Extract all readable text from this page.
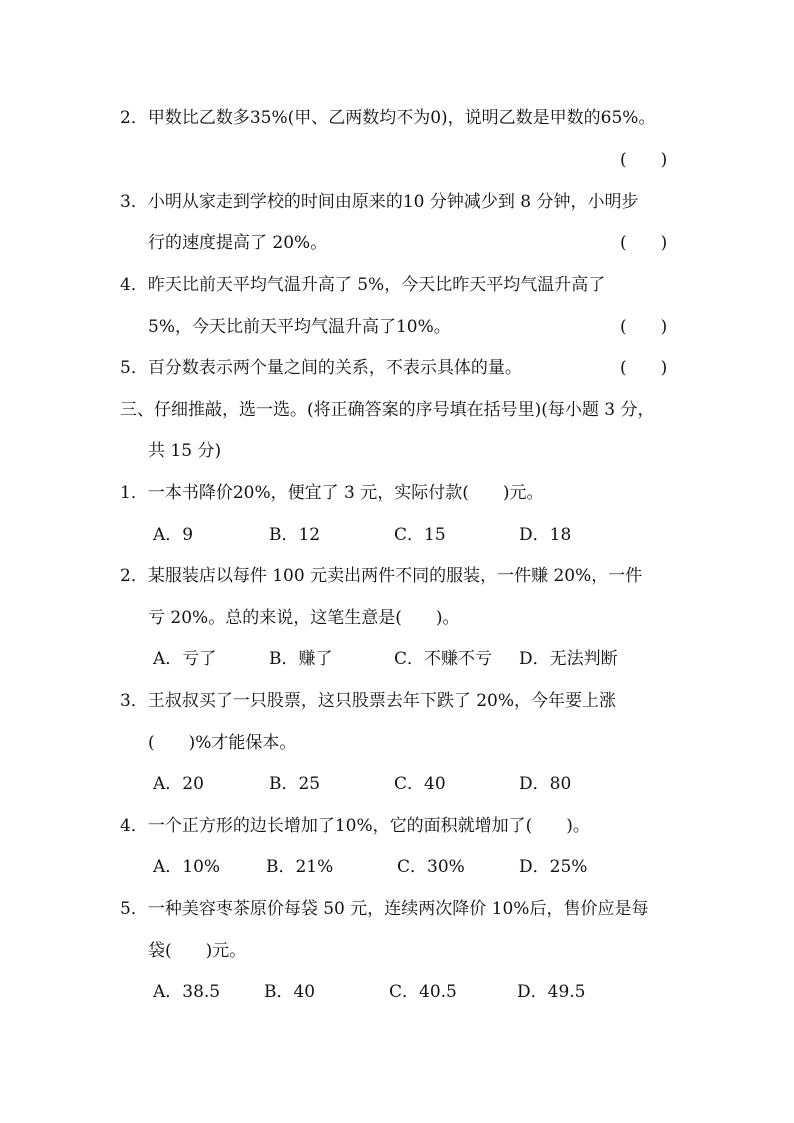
2．甲数比乙数多35%(甲、乙两数均不为0)，说明乙数是甲数的65%。
(　　)
3．小明从家走到学校的时间由原来的10 分钟减少到 8 分钟，小明步
行的速度提高了 20%。	(　　)
4．昨天比前天平均气温升高了 5%，今天比昨天平均气温升高了
5%，今天比前天平均气温升高了10%。	(　　)
5．百分数表示两个量之间的关系，不表示具体的量。	(　　)
三、仔细推敲，选一选。(将正确答案的序号填在括号里)(每小题 3 分，
共 15 分)
1．一本书降价20%，便宜了 3 元，实际付款(　　)元。
A．9	B．12	C．15	D．18
2．某服装店以每件 100 元卖出两件不同的服装，一件赚 20%，一件
亏 20%。总的来说，这笔生意是(　　)。
A．亏了	B．赚了	C．不赚不亏 D．无法判断
3．王叔叔买了一只股票，这只股票去年下跌了 20%，今年要上涨
(　　)%才能保本。
A．20	B．25	C．40	D．80
4．一个正方形的边长增加了10%，它的面积就增加了(　　)。
A．10%	B．21%	C．30%	D．25%
5．一种美容枣茶原价每袋 50 元，连续两次降价 10%后，售价应是每
袋(　　)元。
A．38.5	B．40	C．40.5	D．49.5
